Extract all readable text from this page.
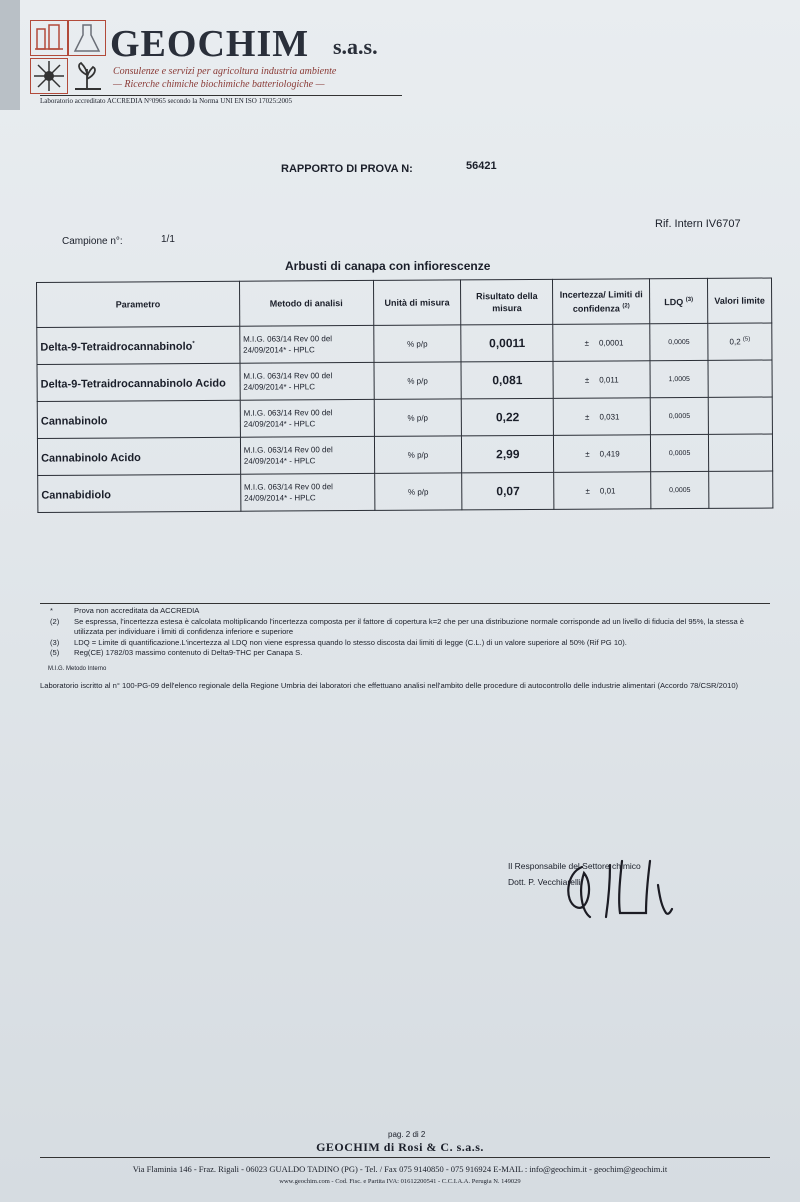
GEOCHIM s.a.s.
Consulenze e servizi per agricoltura industria ambiente
— Ricerche chimiche biochimiche batteriologiche —
Laboratorio accreditato ACCREDIA N°0965 secondo la Norma UNI EN ISO 17025:2005
RAPPORTO DI PROVA N:	56421
Rif. Intern IV6707
Campione n°:	1/1
Arbusti di canapa con infiorescenze
Parametro	Metodo di analisi	Unità di misura	Risultato della misura	Incertezza/ Limiti di confidenza $^{(2)}$	LDQ $^{(3)}$	Valori limite
Delta-9-Tetraidrocannabinolo*	M.I.G. 063/14 Rev 00 del 24/09/2014* - HPLC	% p/p	0,0011	± 0,0001	0,0005	0,2 $^{(5)}$
Delta-9-Tetraidrocannabinolo Acido	M.I.G. 063/14 Rev 00 del 24/09/2014* - HPLC	% p/p	0,081	± 0,011	1,0005	
Cannabinolo	M.I.G. 063/14 Rev 00 del 24/09/2014* - HPLC	% p/p	0,22	± 0,031	0,0005	
Cannabinolo Acido	M.I.G. 063/14 Rev 00 del 24/09/2014* - HPLC	% p/p	2,99	± 0,419	0,0005	
Cannabidiolo	M.I.G. 063/14 Rev 00 del 24/09/2014* - HPLC	% p/p	0,07	± 0,01	0,0005	
*	Prova non accreditata da ACCREDIA
(2)	Se espressa, l'incertezza estesa è calcolata moltiplicando l'incertezza composta per il fattore di copertura k=2 che per una distribuzione normale corrisponde ad un livello di fiducia del 95%, la stessa è utilizzata per individuare i limiti di confidenza inferiore e superiore
(3)	LDQ = Limite di quantificazione.L'incertezza al LDQ non viene espressa quando lo stesso discosta dai limiti di legge (C.L.) di un valore superiore al 50% (Rif PG 10).
(5)	Reg(CE) 1782/03 massimo contenuto di Delta9-THC per Canapa S.
M.I.G. Metodo Interno
Laboratorio iscritto al n° 100-PG-09 dell'elenco regionale della Regione Umbria dei laboratori che effettuano analisi nell'ambito delle procedure di autocontrollo delle industrie alimentari (Accordo 78/CSR/2010)
Il Responsabile del Settore chimico
Dott. P. Vecchiarelli
pag. 2 di 2
GEOCHIM di Rosi & C. s.a.s.
Via Flaminia 146 - Fraz. Rigali - 06023 GUALDO TADINO (PG) - Tel. / Fax 075 9140850 - 075 916924 E-MAIL : info@geochim.it - geochim@geochim.it
www.geochim.com - Cod. Fisc. e Partita IVA: 01612200541 - C.C.I.A.A. Perugia N. 149029
